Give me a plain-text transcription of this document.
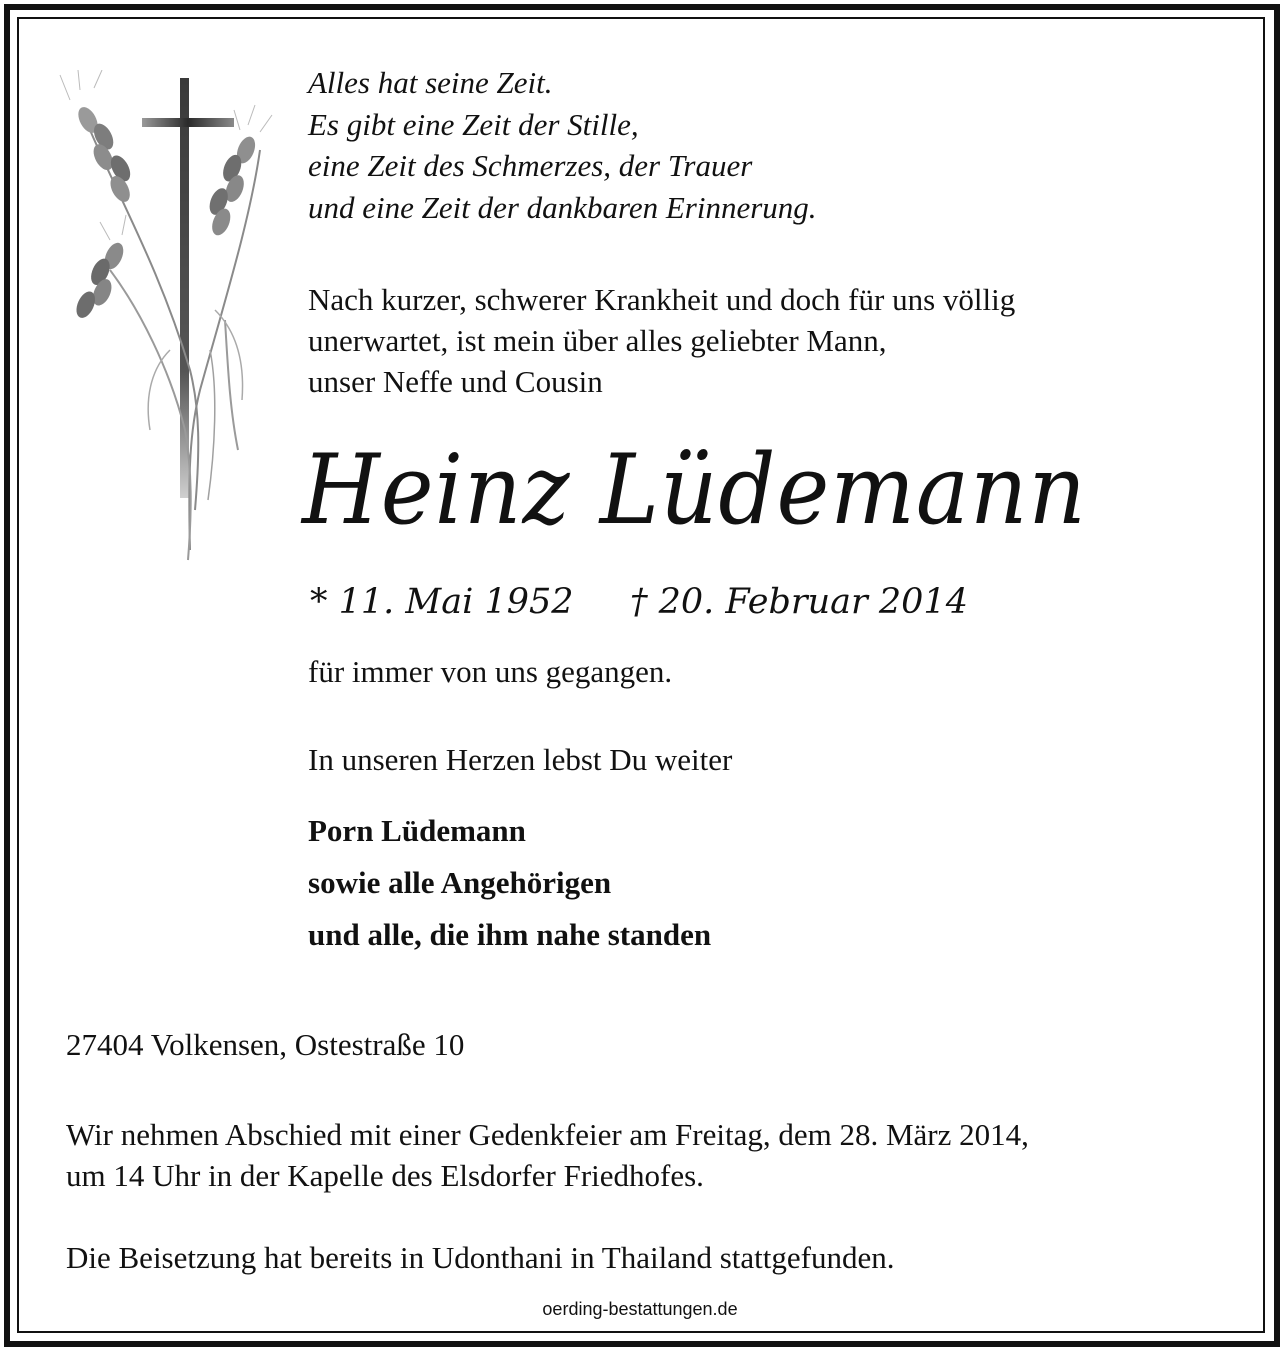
Alles hat seine Zeit.
Es gibt eine Zeit der Stille,
eine Zeit des Schmerzes, der Trauer
und eine Zeit der dankbaren Erinnerung.
Nach kurzer, schwerer Krankheit und doch für uns völlig
unerwartet, ist mein über alles geliebter Mann,
unser Neffe und Cousin
Heinz Lüdemann
* 11. Mai 1952 † 20. Februar 2014
für immer von uns gegangen.
In unseren Herzen lebst Du weiter
Porn Lüdemann
sowie alle Angehörigen
und alle, die ihm nahe standen
27404 Volkensen, Ostestraße 10
Wir nehmen Abschied mit einer Gedenkfeier am Freitag, dem 28. März 2014,
um 14 Uhr in der Kapelle des Elsdorfer Friedhofes.
Die Beisetzung hat bereits in Udonthani in Thailand stattgefunden.
oerding-bestattungen.de
